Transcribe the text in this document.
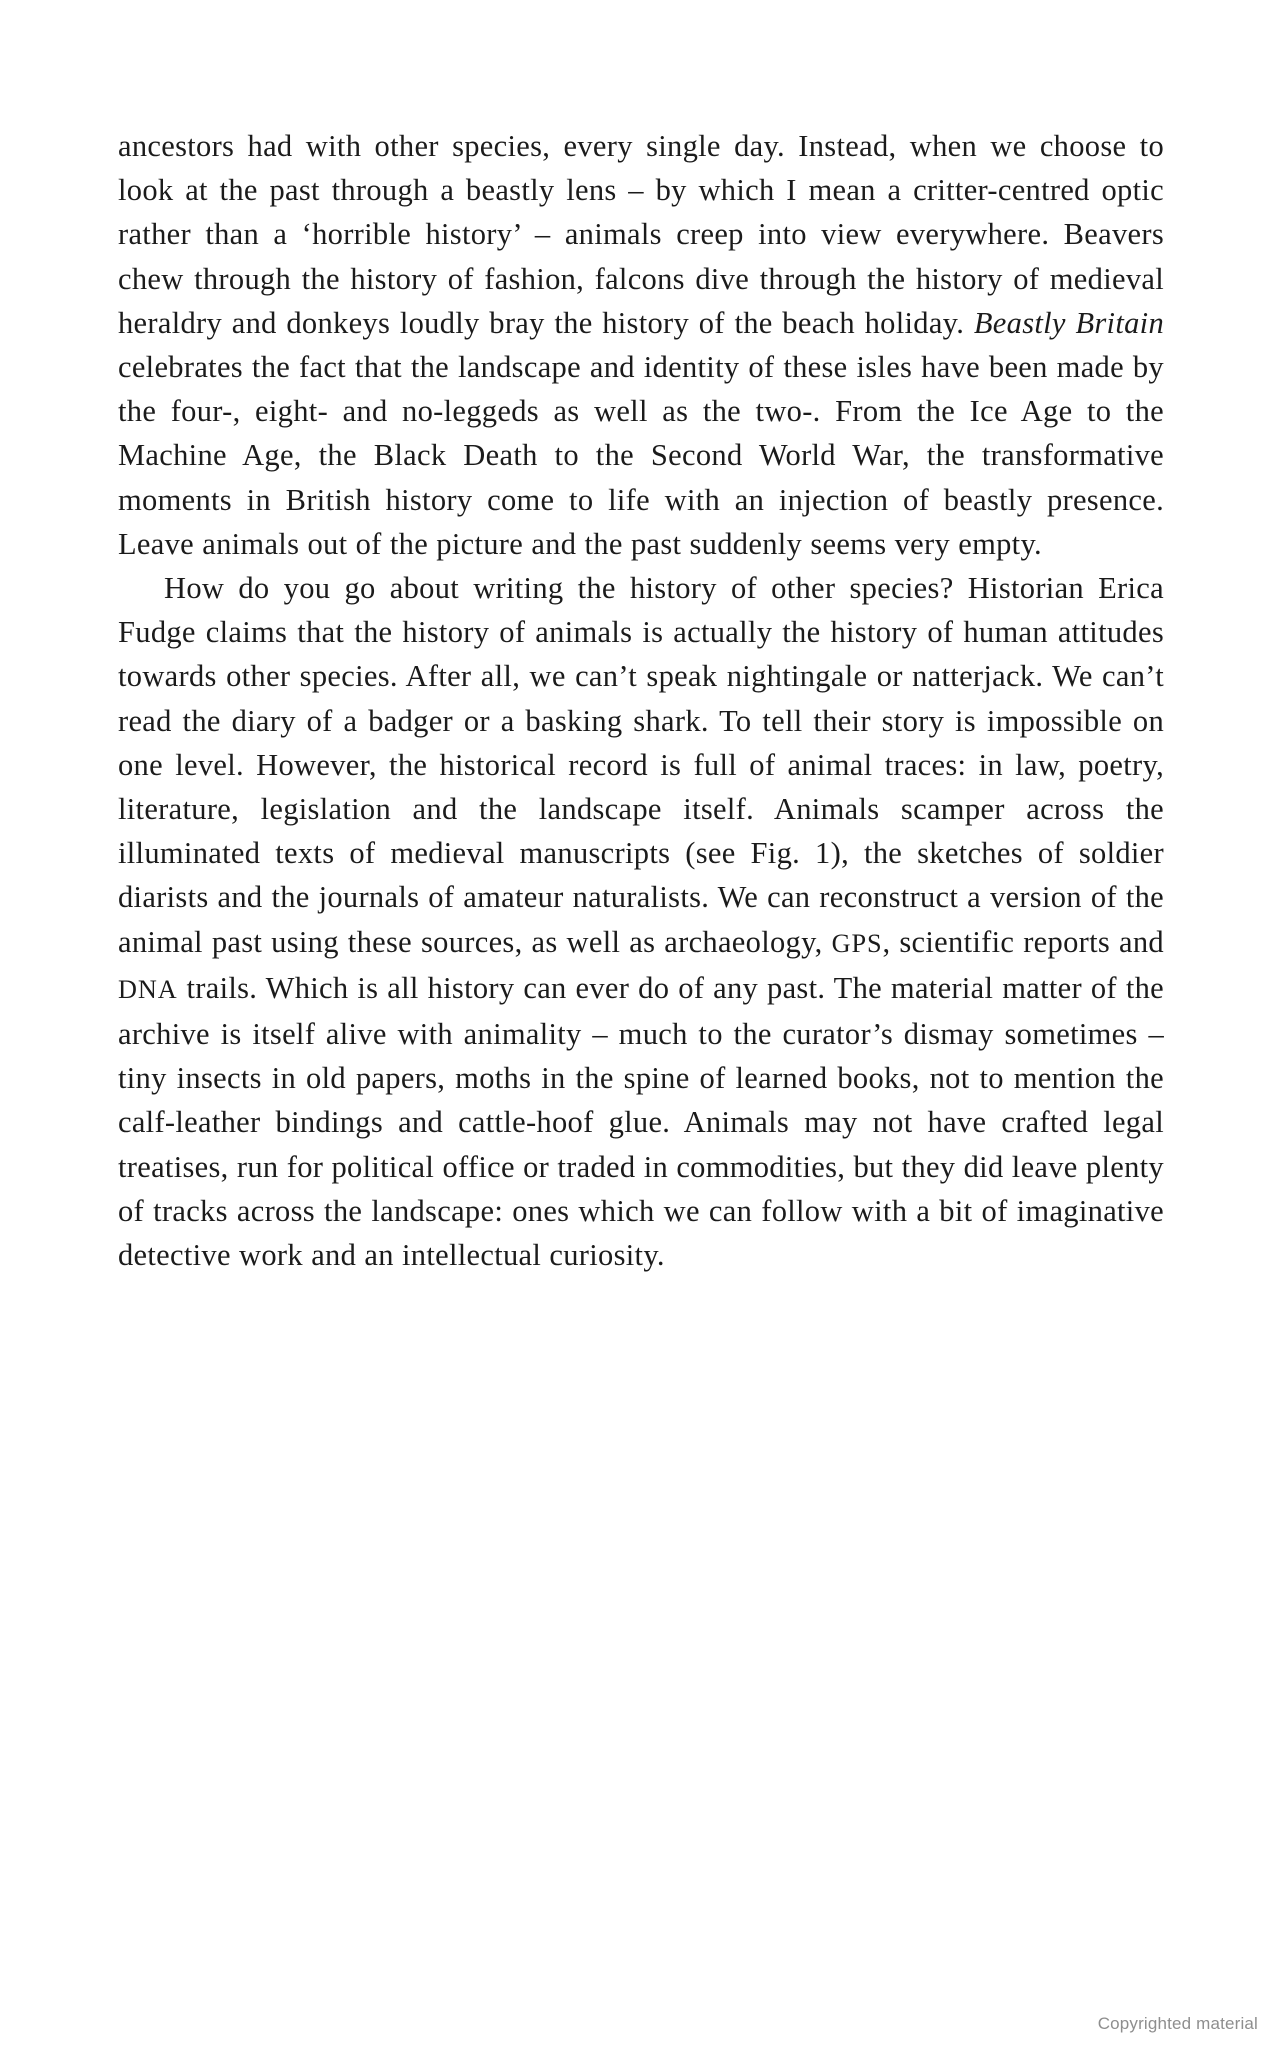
ancestors had with other species, every single day. Instead, when we choose to look at the past through a beastly lens – by which I mean a critter-centred optic rather than a ‘horrible history’ – animals creep into view everywhere. Beavers chew through the history of fashion, falcons dive through the history of medieval heraldry and donkeys loudly bray the history of the beach holiday. Beastly Britain celebrates the fact that the landscape and identity of these isles have been made by the four-, eight- and no-leggeds as well as the two-. From the Ice Age to the Machine Age, the Black Death to the Second World War, the transformative moments in British history come to life with an injection of beastly presence. Leave animals out of the picture and the past suddenly seems very empty.

How do you go about writing the history of other species? Historian Erica Fudge claims that the history of animals is actually the history of human attitudes towards other species. After all, we can’t speak nightingale or natterjack. We can’t read the diary of a badger or a basking shark. To tell their story is impossible on one level. However, the historical record is full of animal traces: in law, poetry, literature, legislation and the landscape itself. Animals scamper across the illuminated texts of medieval manuscripts (see Fig. 1), the sketches of soldier diarists and the journals of amateur naturalists. We can reconstruct a version of the animal past using these sources, as well as archaeology, GPS, scientific reports and DNA trails. Which is all history can ever do of any past. The material matter of the archive is itself alive with animality – much to the curator’s dismay sometimes – tiny insects in old papers, moths in the spine of learned books, not to mention the calf-leather bindings and cattle-hoof glue. Animals may not have crafted legal treatises, run for political office or traded in commodities, but they did leave plenty of tracks across the landscape: ones which we can follow with a bit of imaginative detective work and an intellectual curiosity.

Copyrighted material
